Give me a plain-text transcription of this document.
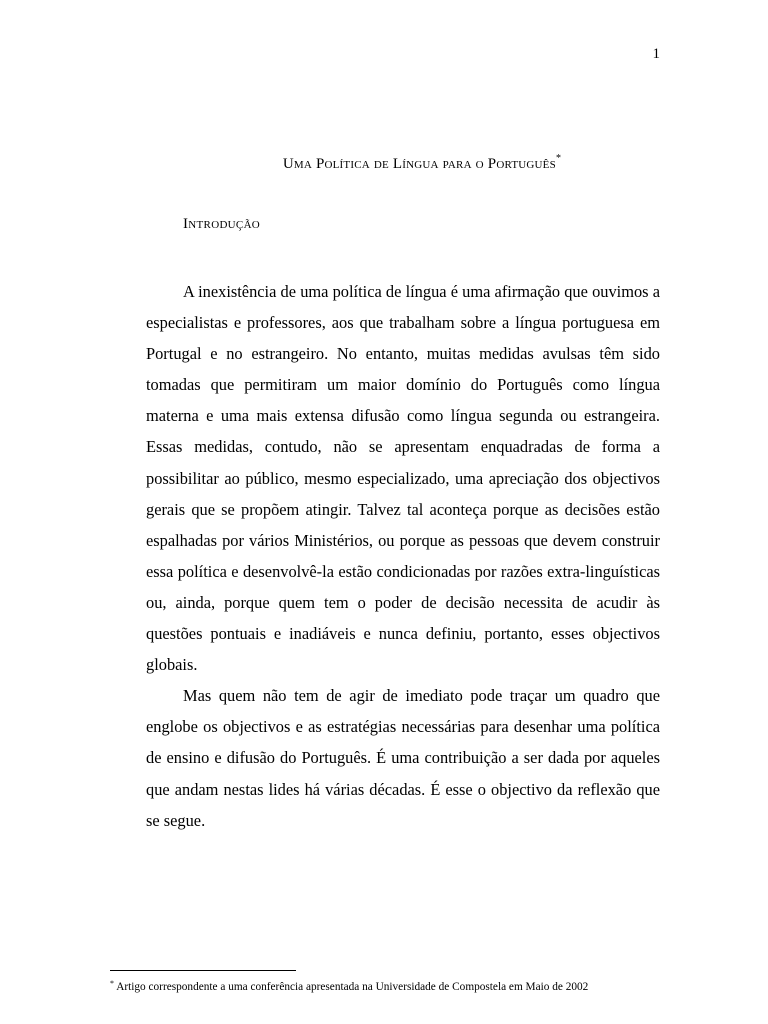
1
Uma Política de Língua para o Português*
Introdução

A inexistência de uma política de língua é uma afirmação que ouvimos a especialistas e professores, aos que trabalham sobre a língua portuguesa em Portugal e no estrangeiro. No entanto, muitas medidas avulsas têm sido tomadas que permitiram um maior domínio do Português como língua materna e uma mais extensa difusão como língua segunda ou estrangeira. Essas medidas, contudo, não se apresentam enquadradas de forma a possibilitar ao público, mesmo especializado, uma apreciação dos objectivos gerais que se propõem atingir. Talvez tal aconteça porque as decisões estão espalhadas por vários Ministérios, ou porque as pessoas que devem construir essa política e desenvolvê-la estão condicionadas por razões extra-linguísticas ou, ainda, porque quem tem o poder de decisão necessita de acudir às questões pontuais e inadiáveis e nunca definiu, portanto, esses objectivos globais.

Mas quem não tem de agir de imediato pode traçar um quadro que englobe os objectivos e as estratégias necessárias para desenhar uma política de ensino e difusão do Português. É uma contribuição a ser dada por aqueles que andam nestas lides há várias décadas. É esse o objectivo da reflexão que se segue.

* Artigo correspondente a uma conferência apresentada na Universidade de Compostela em Maio de 2002
